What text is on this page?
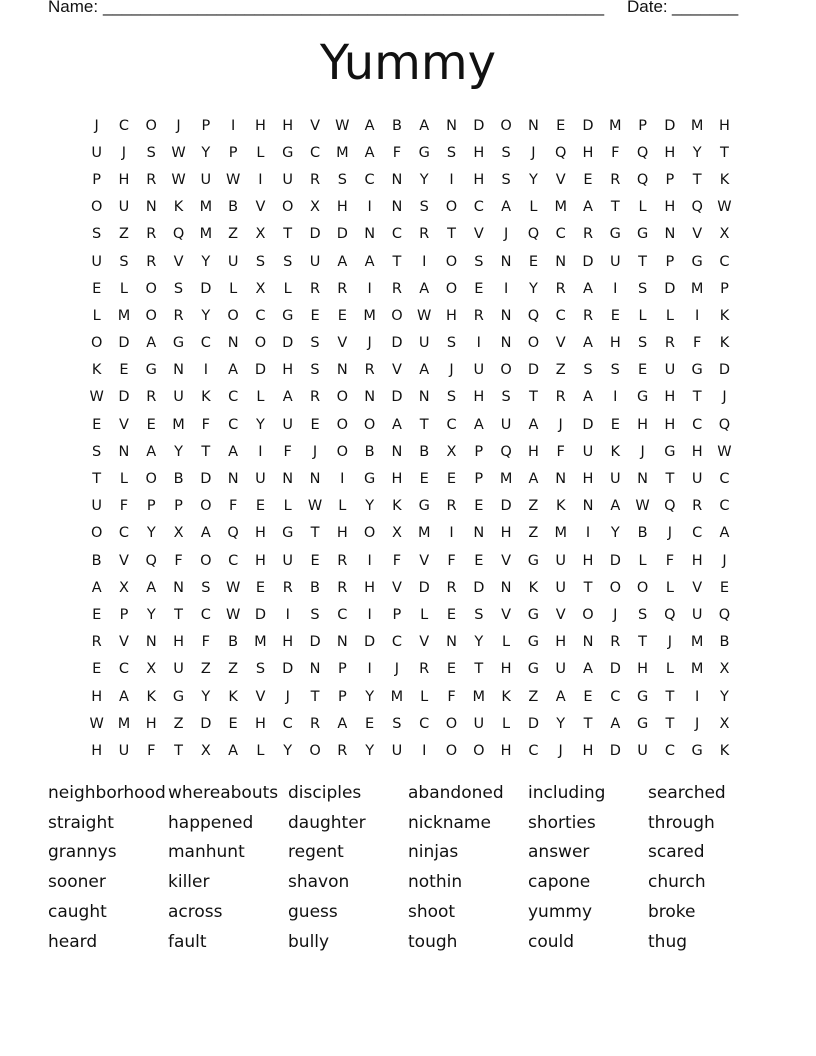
Name: _____________________________________________________ Date: _______
Yummy
J	C	O	J	P	I	H	H	V	W	A	B	A	N	D	O	N	E	D	M	P	D	M	H
U	J	S	W	Y	P	L	G	C	M	A	F	G	S	H	S	J	Q	H	F	Q	H	Y	T
P	H	R	W	U	W	I	U	R	S	C	N	Y	I	H	S	Y	V	E	R	Q	P	T	K
O	U	N	K	M	B	V	O	X	H	I	N	S	O	C	A	L	M	A	T	L	H	Q W
S	Z	R	Q	M	Z	X	T	D	D	N	C	R	T	V	J	Q	C	R	G	G	N	V	X
U	S	R	V	Y	U	S	S	U	A	A	T	I	O	S	N	E	N	D	U	T	P	G	C
E	L	O	S	D	L	X	L	R	R	I	R	A	O	E	I	Y	R	A	I	S	D	M	P
L	M	O	R	Y	O	C	G	E	E	M	O W	H	R	N	Q	C	R	E	L	L	I	K
O	D	A	G	C	N	O	D	S	V	J	D	U	S	I	N	O	V	A	H	S	R	F	K
K	E	G	N	I	A	D	H	S	N	R	V	A	J	U	O	D	Z	S	S	E	U	G	D
W	D	R	U	K	C	L	A	R	O	N	D	N	S	H	S	T	R	A	I	G	H	T	J
E	V	E	M	F	C	Y	U	E	O	O	A	T	C	A	U	A	J	D	E	H	H	C	Q
S	N	A	Y	T	A	I	F	J	O	B	N	B	X	P	Q	H	F	U	K	J	G	H	W
T	L	O	B	D	N	U	N	N	I	G	H	E	E	P	M	A	N	H	U	N	T	U	C
U	F	P	P	O	F	E	L	W	L	Y	K	G	R	E	D	Z	K	N	A	W Q	R	C
O	C	Y	X	A	Q	H	G	T	H	O	X	M	I	N	H	Z	M	I	Y	B	J	C	A
B	V	Q	F	O	C	H	U	E	R	I	F	V	F	E	V	G	U	H	D	L	F	H	J
A	X	A	N	S	W	E	R	B	R	H	V	D	R	D	N	K	U	T	O	O	L	V	E
E	P	Y	T	C	W	D	I	S	C	I	P	L	E	S	V	G	V	O	J	S	Q	U	Q
R	V	N	H	F	B	M	H	D	N	D	C	V	N	Y	L	G	H	N	R	T	J	M	B
E	C	X	U	Z	Z	S	D	N	P	I	J	R	E	T	H	G	U	A	D	H	L	M	X
H	A	K	G	Y	K	V	J	T	P	Y	M	L	F	M	K	Z	A	E	C	G	T	I	Y
W M	H	Z	D	E	H	C	R	A	E	S	C	O	U	L	D	Y	T	A	G	T	J	X
H	U	F	T	X	A	L	Y	O	R	Y	U	I	O	O	H	C	J	H	D	U	C	G	K
neighborhood whereabouts disciples	abandoned	including	searched
straight	happened	daughter	nickname	shorties	through
grannys	manhunt	regent	ninjas	answer	scared
sooner	killer	shavon	nothin	capone	church
caught	across	guess	shoot	yummy	broke
heard	fault	bully	tough	could	thug
